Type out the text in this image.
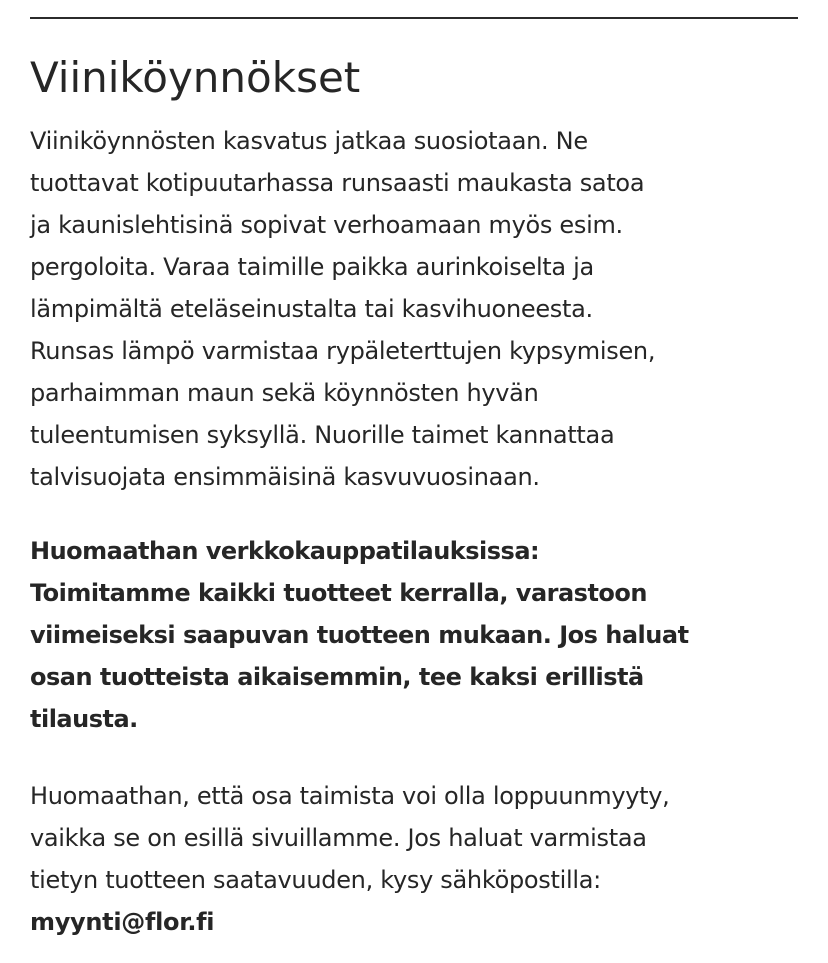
Viiniköynnökset

Viiniköynnösten kasvatus jatkaa suosiotaan. Ne
tuottavat kotipuutarhassa runsaasti maukasta satoa
ja kaunislehtisinä sopivat verhoamaan myös esim.
pergoloita. Varaa taimille paikka aurinkoiselta ja
lämpimältä eteläseinustalta tai kasvihuoneesta.
Runsas lämpö varmistaa rypäleterttujen kypsymisen,
parhaimman maun sekä köynnösten hyvän
tuleentumisen syksyllä. Nuorille taimet kannattaa
talvisuojata ensimmäisinä kasvuvuosinaan.

Huomaathan verkkokauppatilauksissa:
Toimitamme kaikki tuotteet kerralla, varastoon
viimeiseksi saapuvan tuotteen mukaan. Jos haluat
osan tuotteista aikaisemmin, tee kaksi erillistä
tilausta.

Huomaathan, että osa taimista voi olla loppuunmyyty,
vaikka se on esillä sivuillamme. Jos haluat varmistaa
tietyn tuotteen saatavuuden, kysy sähköpostilla:
myynti@flor.fi
